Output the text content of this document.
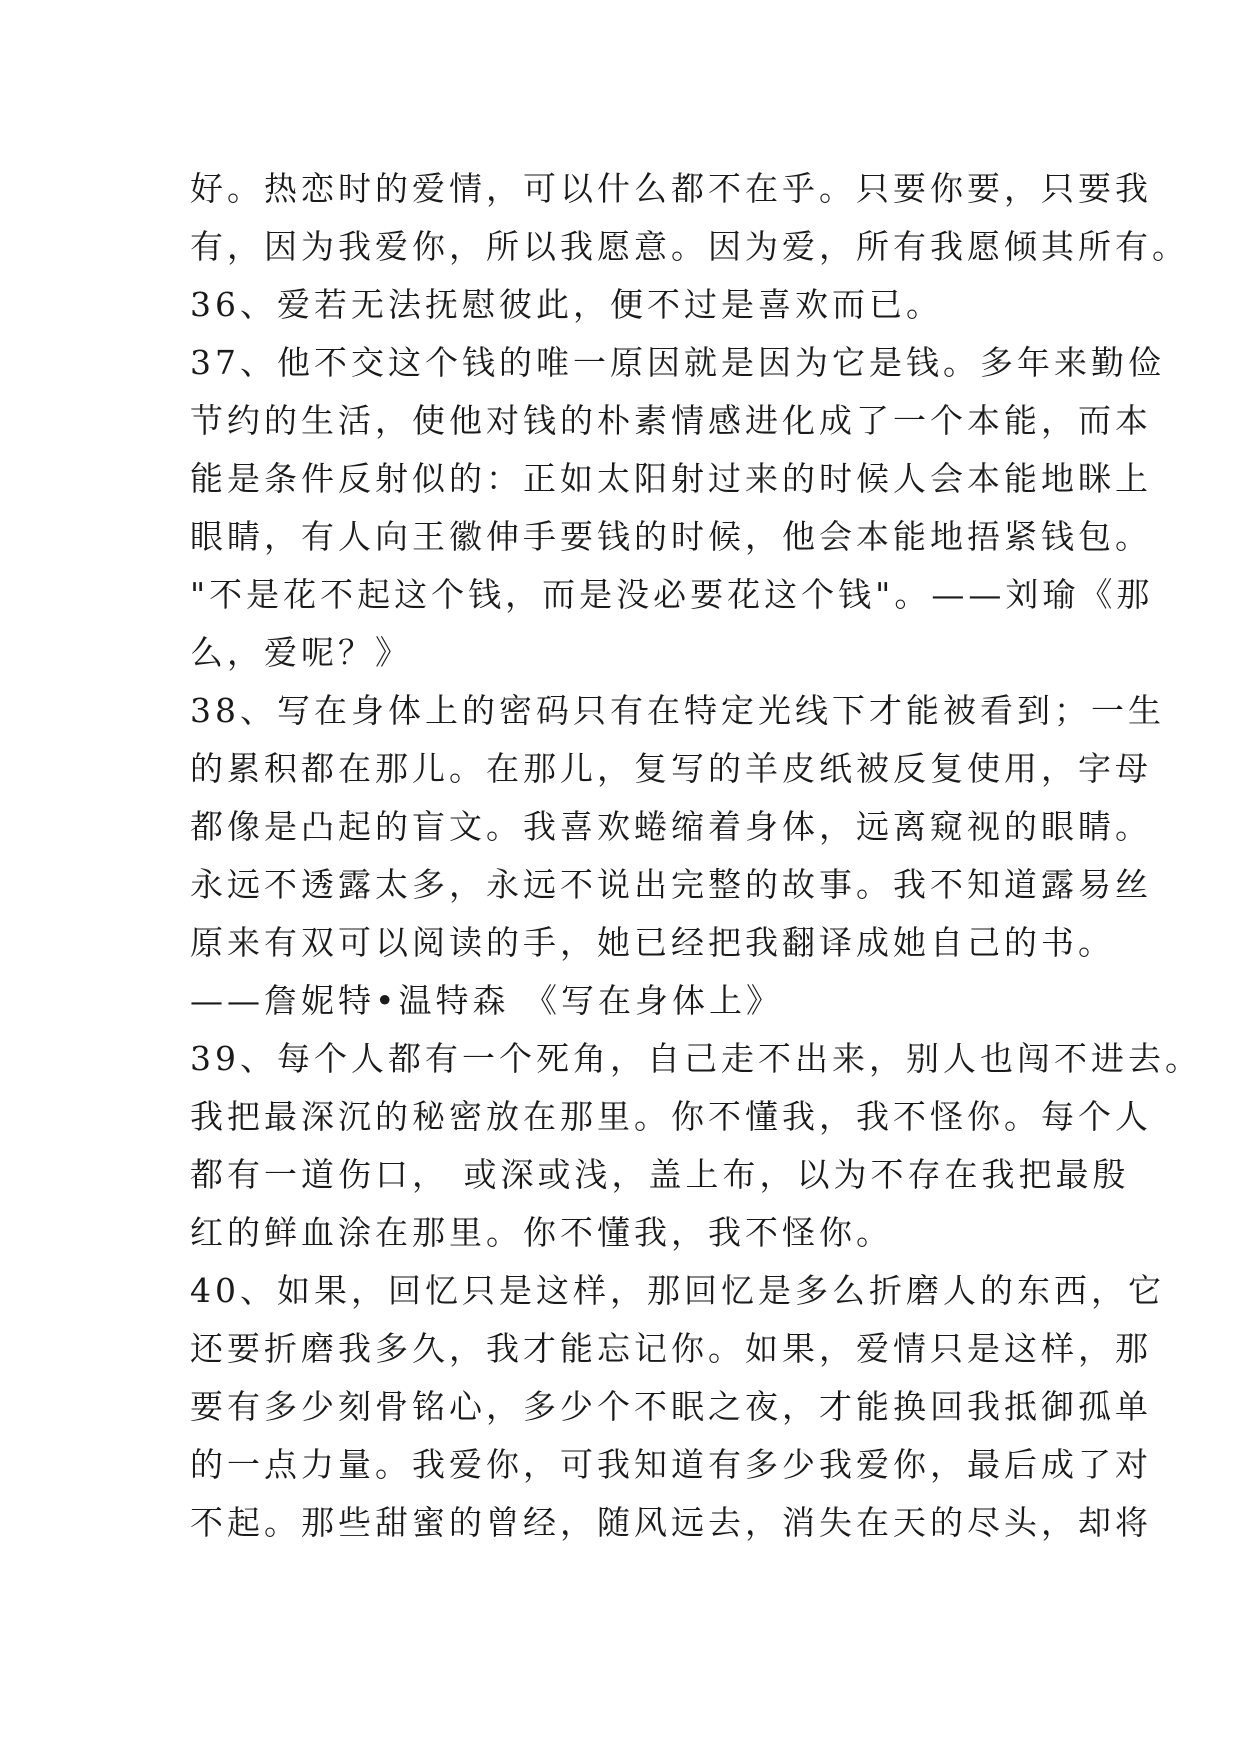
好。热恋时的爱情，可以什么都不在乎。只要你要，只要我
有，因为我爱你，所以我愿意。因为爱，所有我愿倾其所有。
36、爱若无法抚慰彼此，便不过是喜欢而已。
37、他不交这个钱的唯一原因就是因为它是钱。多年来勤俭
节约的生活，使他对钱的朴素情感进化成了一个本能，而本
能是条件反射似的：正如太阳射过来的时候人会本能地眯上
眼睛，有人向王徽伸手要钱的时候，他会本能地捂紧钱包。
"不是花不起这个钱，而是没必要花这个钱"。——刘瑜《那
么，爱呢？》
38、写在身体上的密码只有在特定光线下才能被看到；一生
的累积都在那儿。在那儿，复写的羊皮纸被反复使用，字母
都像是凸起的盲文。我喜欢蜷缩着身体，远离窥视的眼睛。
永远不透露太多，永远不说出完整的故事。我不知道露易丝
原来有双可以阅读的手，她已经把我翻译成她自己的书。
——詹妮特•温特森 《写在身体上》
39、每个人都有一个死角，自己走不出来，别人也闯不进去。
我把最深沉的秘密放在那里。你不懂我，我不怪你。每个人
都有一道伤口， 或深或浅，盖上布，以为不存在我把最殷
红的鲜血涂在那里。你不懂我，我不怪你。
40、如果，回忆只是这样，那回忆是多么折磨人的东西，它
还要折磨我多久，我才能忘记你。如果，爱情只是这样，那
要有多少刻骨铭心，多少个不眠之夜，才能换回我抵御孤单
的一点力量。我爱你，可我知道有多少我爱你，最后成了对
不起。那些甜蜜的曾经，随风远去，消失在天的尽头，却将
